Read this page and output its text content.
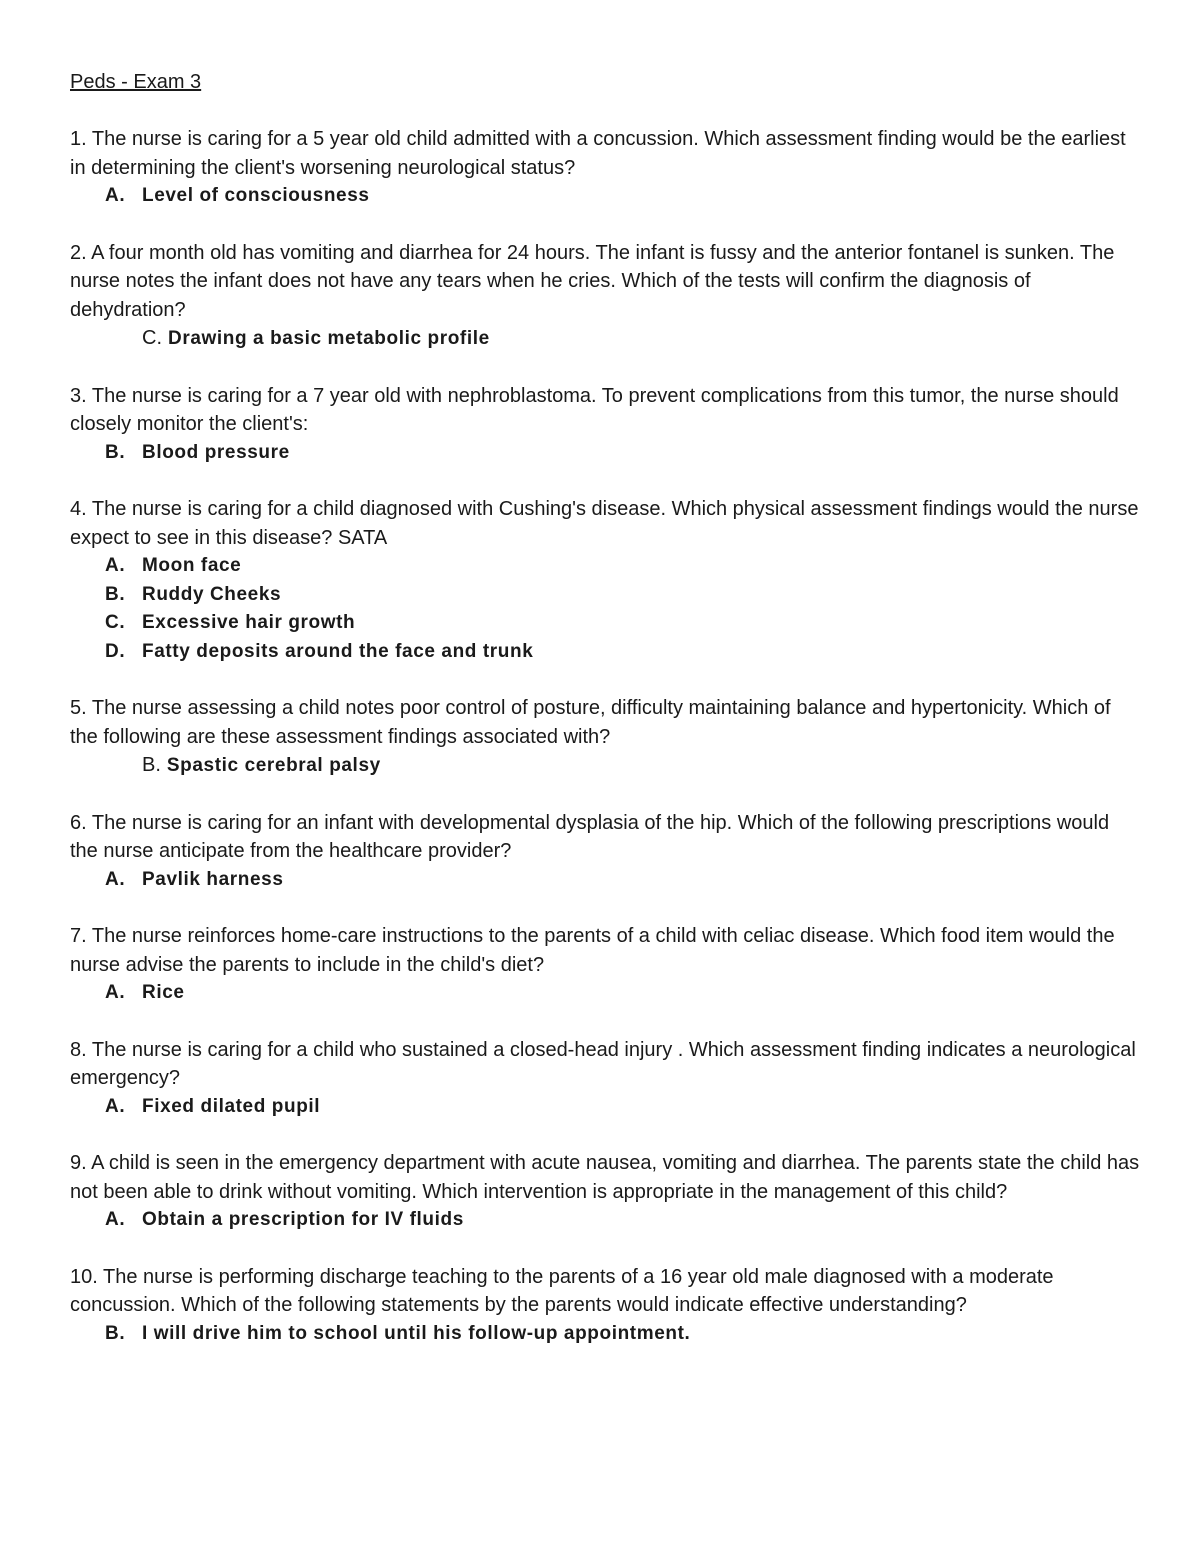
Peds - Exam 3

1. The nurse is caring for a 5 year old child admitted with a concussion. Which assessment finding would be the earliest in determining the client's worsening neurological status?

A. Level of consciousness

2. A four month old has vomiting and diarrhea for 24 hours. The infant is fussy and the anterior fontanel is sunken. The nurse notes the infant does not have any tears when he cries. Which of the tests will confirm the diagnosis of dehydration?

C. Drawing a basic metabolic profile

3. The nurse is caring for a 7 year old with nephroblastoma. To prevent complications from this tumor, the nurse should closely monitor the client's:

B. Blood pressure

4. The nurse is caring for a child diagnosed with Cushing's disease. Which physical assessment findings would the nurse expect to see in this disease? SATA

A. Moon face
B. Ruddy Cheeks
C. Excessive hair growth
D. Fatty deposits around the face and trunk

5. The nurse assessing a child notes poor control of posture, difficulty maintaining balance and hypertonicity. Which of the following are these assessment findings associated with?

B. Spastic cerebral palsy

6. The nurse is caring for an infant with developmental dysplasia of the hip. Which of the following prescriptions would the nurse anticipate from the healthcare provider?

A. Pavlik harness

7. The nurse reinforces home-care instructions to the parents of a child with celiac disease. Which food item would the nurse advise the parents to include in the child's diet?

A. Rice

8. The nurse is caring for a child who sustained a closed-head injury . Which assessment finding indicates a neurological emergency?

A. Fixed dilated pupil

9. A child is seen in the emergency department with acute nausea, vomiting and diarrhea. The parents state the child has not been able to drink without vomiting. Which intervention is appropriate in the management of this child?

A. Obtain a prescription for IV fluids

10. The nurse is performing discharge teaching to the parents of a 16 year old male diagnosed with a moderate concussion. Which of the following statements by the parents would indicate effective understanding?

B. I will drive him to school until his follow-up appointment.
